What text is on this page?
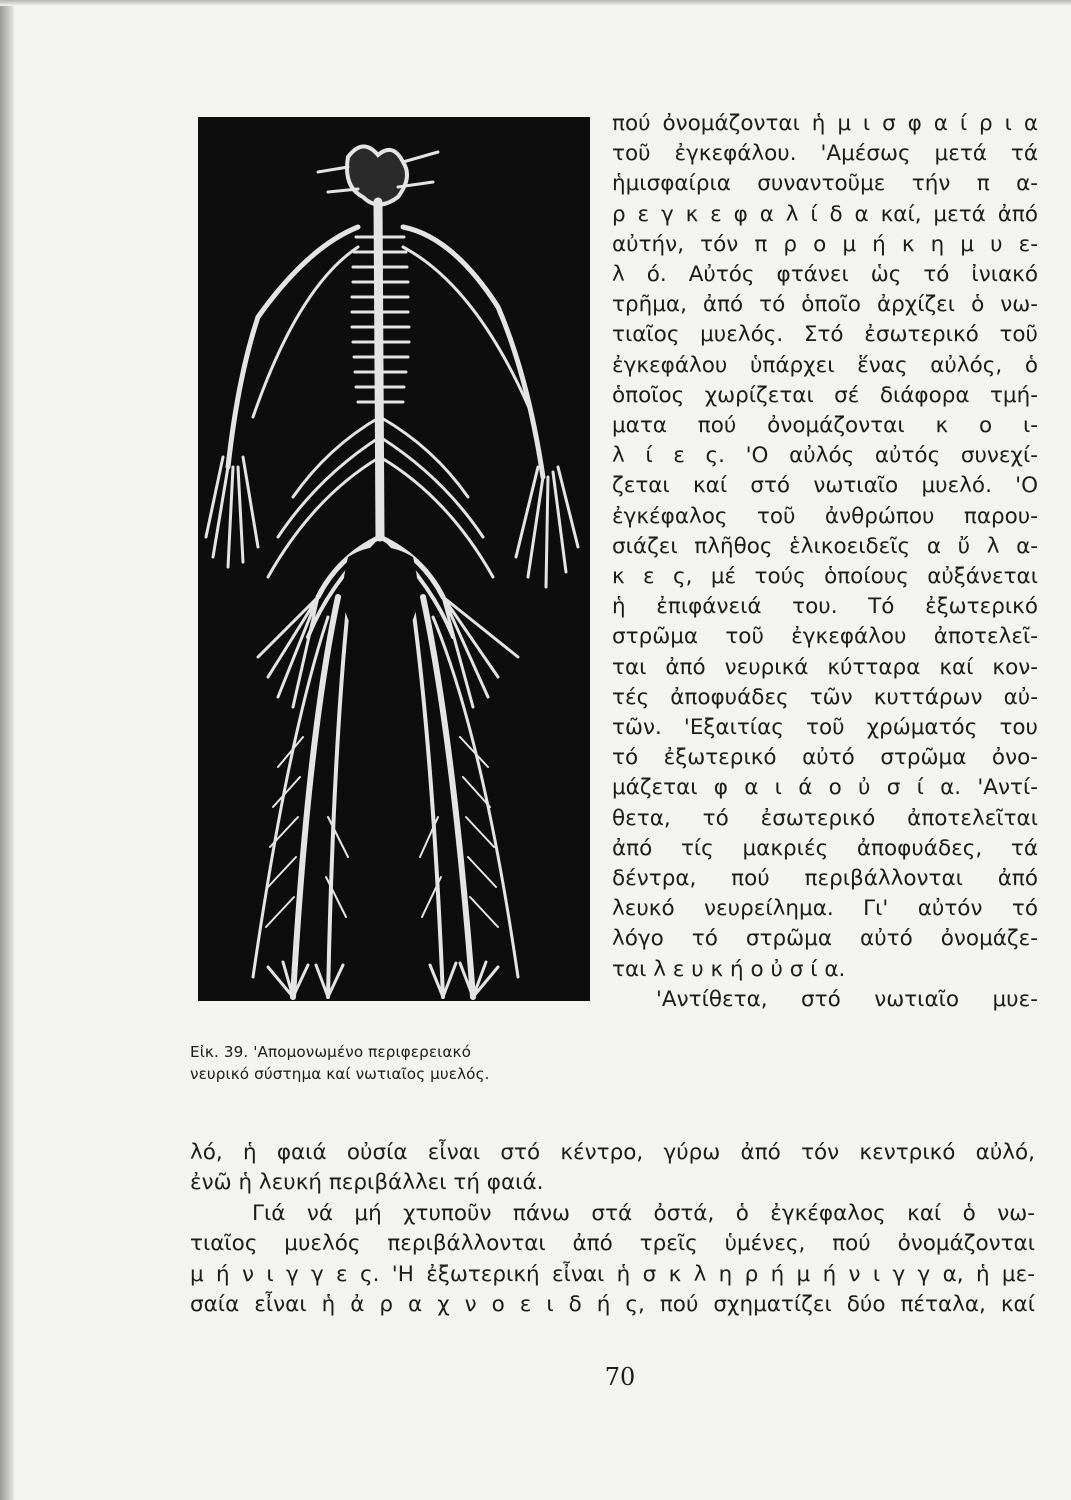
Εἰκ. 39. 'Απομονωμένο περιφερειακό
νευρικό σύστημα καί νωτιαῖος μυελός.
πού ὀνομάζονται ἡ μ ι σ φ α ί ρ ι α
τοῦ ἐγκεφάλου. 'Αμέσως μετά τά
ἡμισφαίρια συναντοῦμε τήν π α-
ρ ε γ κ ε φ α λ ί δ α καί, μετά ἀπό
αὐτήν, τόν π ρ ο μ ή κ η μ υ ε-
λ ό. Αὐτός φτάνει ὡς τό ἰνιακό
τρῆμα, ἀπό τό ὁποῖο ἀρχίζει ὁ νω-
τιαῖος μυελός. Στό ἐσωτερικό τοῦ
ἐγκεφάλου ὑπάρχει ἕνας αὐλός, ὁ
ὁποῖος χωρίζεται σέ διάφορα τμή-
ματα πού ὀνομάζονται κ ο ι-
λ ί ε ς. 'Ο αὐλός αὐτός συνεχί-
ζεται καί στό νωτιαῖο μυελό. 'Ο
ἐγκέφαλος τοῦ ἀνθρώπου παρου-
σιάζει πλῆθος ἑλικοειδεῖς α ὔ λ α-
κ ε ς, μέ τούς ὁποίους αὐξάνεται
ἡ ἐπιφάνειά του. Τό ἐξωτερικό
στρῶμα τοῦ ἐγκεφάλου ἀποτελεῖ-
ται ἀπό νευρικά κύτταρα καί κον-
τές ἀποφυάδες τῶν κυττάρων αὐ-
τῶν. 'Εξαιτίας τοῦ χρώματός του
τό ἐξωτερικό αὐτό στρῶμα ὀνο-
μάζεται φ α ι ά ο ὐ σ ί α. 'Αντί-
θετα, τό ἐσωτερικό ἀποτελεῖται
ἀπό τίς μακριές ἀποφυάδες, τά
δέντρα, πού περιβάλλονται ἀπό
λευκό νευρείλημα. Γι' αὐτόν τό
λόγο τό στρῶμα αὐτό ὀνομάζε-
ται λ ε υ κ ή ο ὐ σ ί α.
'Αντίθετα, στό νωτιαῖο μυε-
λό, ἡ φαιά οὐσία εἶναι στό κέντρο, γύρω ἀπό τόν κεντρικό αὐλό,
ἐνῶ ἡ λευκή περιβάλλει τή φαιά.
Γιά νά μή χτυποῦν πάνω στά ὀστά, ὁ ἐγκέφαλος καί ὁ νω-
τιαῖος μυελός περιβάλλονται ἀπό τρεῖς ὑμένες, πού ὀνομάζονται
μ ή ν ι γ γ ε ς. 'Η ἐξωτερική εἶναι ἡ σ κ λ η ρ ή μ ή ν ι γ γ α, ἡ με-
σαία εἶναι ἡ ἀ ρ α χ ν ο ε ι δ ή ς, πού σχηματίζει δύο πέταλα, καί
70
